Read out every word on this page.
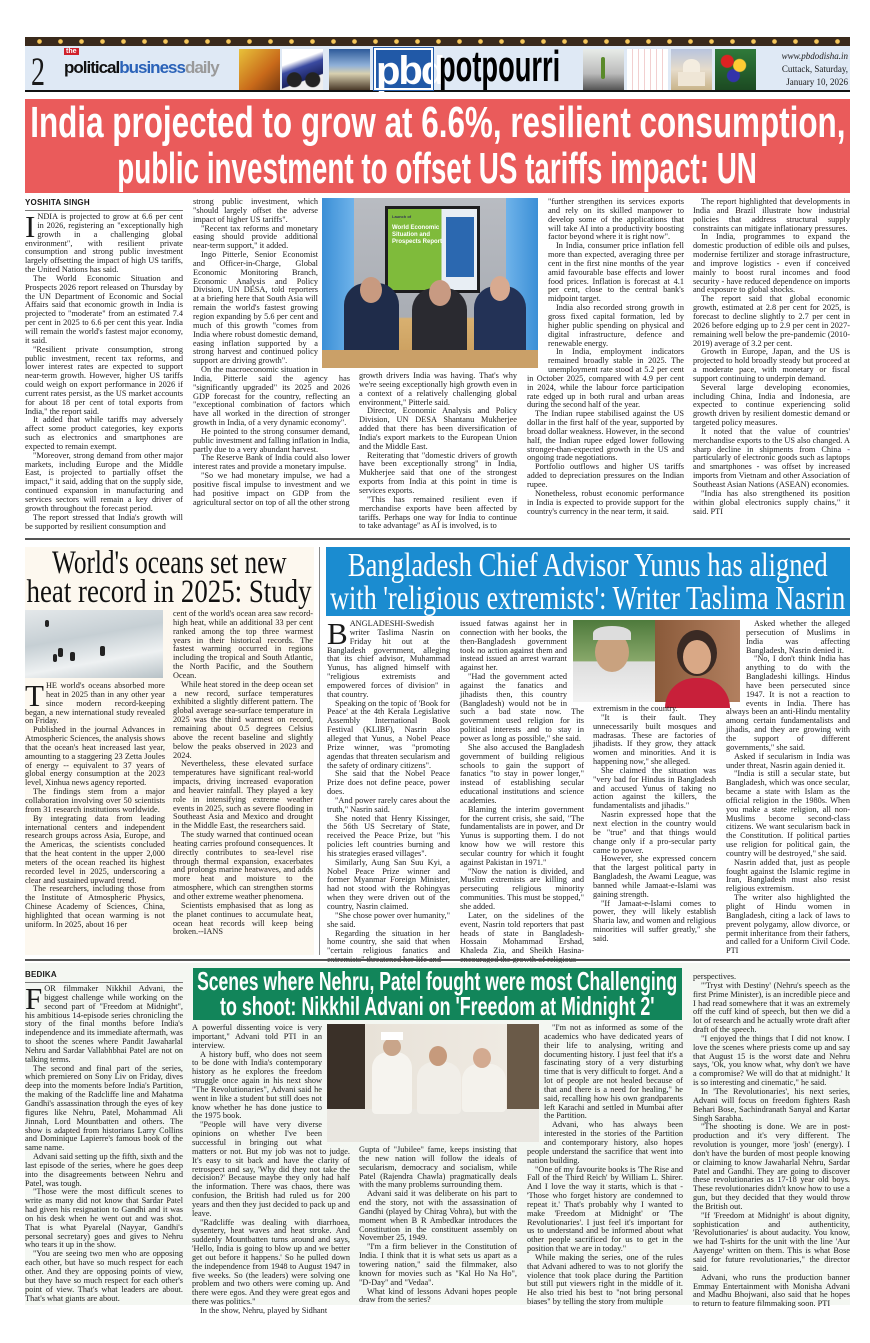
2	the
politicalbusinessdaily	pbd
potpourri	www.pbdodisha.in
Cuttack, Saturday,
January 10, 2026
India projected to grow at 6.6%, resilient consumption,
public investment to offset US tariffs impact: UN
YOSHITA SINGH

INDIA is projected to grow at 6.6 per cent in 2026, registering an "exceptionally high growth in a challenging global environment", with resilient private consumption and strong public investment largely offsetting the impact of high US tariffs, the United Nations has said.

The World Economic Situation and Prospects 2026 report released on Thursday by the UN Department of Economic and Social Affairs said that economic growth in India is projected to "moderate" from an estimated 7.4 per cent in 2025 to 6.6 per cent this year. India will remain the world's fastest major economy, it said.

"Resilient private consumption, strong public investment, recent tax reforms, and lower interest rates are expected to support near-term growth. However, higher US tariffs could weigh on export performance in 2026 if current rates persist, as the US market accounts for about 18 per cent of total exports from India," the report said.

It added that while tariffs may adversely affect some product categories, key exports such as electronics and smartphones are expected to remain exempt.

"Moreover, strong demand from other major markets, including Europe and the Middle East, is projected to partially offset the impact," it said, adding that on the supply side, continued expansion in manufacturing and services sectors will remain a key driver of growth throughout the forecast period.

The report stressed that India's growth will be supported by resilient consumption and

strong public investment, which "should largely offset the adverse impact of higher US tariffs".

"Recent tax reforms and monetary easing should provide additional near-term support," it added.

Ingo Pitterle, Senior Economist and Officer-in-Charge, Global Economic Monitoring Branch, Economic Analysis and Policy Division, UN DESA, told reporters at a briefing here that South Asia will remain the world's fastest growing region expanding by 5.6 per cent and much of this growth "comes from India where robust domestic demand, easing inflation supported by a strong harvest and continued policy support are driving growth".

On the macroeconomic situation in India, Pitterle said the agency has "significantly upgraded" its 2025 and 2026 GDP forecast for the country, reflecting an "exceptional combination of factors which have all worked in the direction of stronger growth in India, of a very dynamic economy".

He pointed to the strong consumer demand, public investment and falling inflation in India, partly due to a very abundant harvest.

The Reserve Bank of India could also lower interest rates and provide a monetary impulse.

"So we had monetary impulse, we had a positive fiscal impulse to investment and we had positive impact on GDP from the agricultural sector on top of all the other strong

Launch of
World Economic Situation and Prospects Report

growth drivers India was having. That's why we're seeing exceptionally high growth even in a context of a relatively challenging global environment," Pitterle said.

Director, Economic Analysis and Policy Division, UN DESA Shantanu Mukherjee added that there has been diversification of India's export markets to the European Union and the Middle East.

Reiterating that "domestic drivers of growth have been exceptionally strong" in India, Mukherjee said that one of the strongest exports from India at this point in time is services exports.

"This has remained resilient even if merchandise exports have been affected by tariffs. Perhaps one way for India to continue to take advantage" as AI is involved, is to

"further strengthen its services exports and rely on its skilled manpower to develop some of the applications that will take AI into a productivity boosting factor beyond where it is right now".

In India, consumer price inflation fell more than expected, averaging three per cent in the first nine months of the year amid favourable base effects and lower food prices. Inflation is forecast at 4.1 per cent, close to the central bank's midpoint target.

India also recorded strong growth in gross fixed capital formation, led by higher public spending on physical and digital infrastructure, defence and renewable energy.

In India, employment indicators remained broadly stable in 2025. The unemployment rate stood at 5.2 per cent in October 2025, compared with 4.9 per cent in 2024, while the labour force participation rate edged up in both rural and urban areas during the second half of the year.

The Indian rupee stabilised against the US dollar in the first half of the year, supported by broad dollar weakness. However, in the second half, the Indian rupee edged lower following stronger-than-expected growth in the US and ongoing trade negotiations.

Portfolio outflows and higher US tariffs added to depreciation pressures on the Indian rupee.

Nonetheless, robust economic performance in India is expected to provide support for the country's currency in the near term, it said.

The report highlighted that developments in India and Brazil illustrate how industrial policies that address structural supply constraints can mitigate inflationary pressures.

In India, programmes to expand the domestic production of edible oils and pulses, modernise fertilizer and storage infrastructure, and improve logistics - even if conceived mainly to boost rural incomes and food security - have reduced dependence on imports and exposure to global shocks.

The report said that global economic growth, estimated at 2.8 per cent for 2025, is forecast to decline slightly to 2.7 per cent in 2026 before edging up to 2.9 per cent in 2027- remaining well below the pre-pandemic (2010-2019) average of 3.2 per cent.

Growth in Europe, Japan, and the US is projected to hold broadly steady but proceed at a moderate pace, with monetary or fiscal support continuing to underpin demand.

Several large developing economies, including China, India and Indonesia, are expected to continue experiencing solid growth driven by resilient domestic demand or targeted policy measures.

It noted that the value of countries' merchandise exports to the US also changed. A sharp decline in shipments from China - particularly of electronic goods such as laptops and smartphones - was offset by increased imports from Vietnam and other Association of Southeast Asian Nations (ASEAN) economies.

"India has also strengthened its position within global electronics supply chains," it said. PTI

World's oceans set new
heat record in 2025: Study

THE world's oceans absorbed more heat in 2025 than in any other year since modern record-keeping began, a new international study revealed on Friday.

Published in the journal Advances in Atmospheric Sciences, the analysis shows that the ocean's heat increased last year, amounting to a staggering 23 Zetta Joules of energy -- equivalent to 37 years of global energy consumption at the 2023 level, Xinhua news agency reported.

The findings stem from a major collaboration involving over 50 scientists from 31 research institutions worldwide.

By integrating data from leading international centers and independent research groups across Asia, Europe, and the Americas, the scientists concluded that the heat content in the upper 2,000 meters of the ocean reached its highest recorded level in 2025, underscoring a clear and sustained upward trend.

The researchers, including those from the Institute of Atmospheric Physics, Chinese Academy of Sciences, China, highlighted that ocean warming is not uniform. In 2025, about 16 per

cent of the world's ocean area saw record-high heat, while an additional 33 per cent ranked among the top three warmest years in their historical records. The fastest warming occurred in regions including the tropical and South Atlantic, the North Pacific, and the Southern Ocean.

While heat stored in the deep ocean set a new record, surface temperatures exhibited a slightly different pattern. The global average sea-surface temperature in 2025 was the third warmest on record, remaining about 0.5 degrees Celsius above the recent baseline and slightly below the peaks observed in 2023 and 2024.

Nevertheless, these elevated surface temperatures have significant real-world impacts, driving increased evaporation and heavier rainfall. They played a key role in intensifying extreme weather events in 2025, such as severe flooding in Southeast Asia and Mexico and drought in the Middle East, the researchers said.

The study warned that continued ocean heating carries profound consequences. It directly contributes to sea-level rise through thermal expansion, exacerbates and prolongs marine heatwaves, and adds more heat and moisture to the atmosphere, which can strengthen storms and other extreme weather phenomena.

Scientists emphasised that as long as the planet continues to accumulate heat, ocean heat records will keep being broken.--IANS

Bangladesh Chief Advisor Yunus has aligned
with 'religious extremists': Writer Taslima Nasrin

BANGLADESHI-Swedish writer Taslima Nasrin on Friday hit out at the Bangladesh government, alleging that its chief advisor, Muhammad Yunus, has aligned himself with "religious extremists and empowered forces of division" in that country.

Speaking on the topic of 'Book for Peace' at the 4th Kerala Legislative Assembly International Book Festival (KLIBF), Nasrin also alleged that Yunus, a Nobel Peace Prize winner, was "promoting agendas that threaten secularism and the safety of ordinary citizens".

She said that the Nobel Peace Prize does not define peace, power does.

"And power rarely cares about the truth," Nasrin said.

She noted that Henry Kissinger, the 56th US Secretary of State, received the Peace Prize, but "his policies left countries burning and his strategies erased villages".

Similarly, Aung San Suu Kyi, a Nobel Peace Prize winner and former Myanmar Foreign Minister, had not stood with the Rohingyas when they were driven out of the country, Nasrin claimed.

"She chose power over humanity," she said.

Regarding the situation in her home country, she said that when "certain religious fanatics and

issued fatwas against her in connection with her books, the then-Bangladesh government took no action against them and instead issued an arrest warrant against her.

"Had the government acted against the fanatics and jihadists then, this country (Bangladesh) would not be in such a bad state now. The government used religion for its political interests and to stay in power as long as possible," she said.

She also accused the Bangladesh government of building religious schools to gain the support of fanatics "to stay in power longer," instead of establishing secular educational institutions and science academies.

Blaming the interim government for the current crisis, she said, "The fundamentalists are in power, and Dr Yunus is supporting them. I do not know how we will restore this secular country for which it fought against Pakistan in 1971."

"Now the nation is divided, and Muslim extremists are killing and persecuting religious minority communities. This must be stopped," she added.

Later, on the sidelines of the event, Nasrin told reporters that past heads of state in Bangladesh- Hossain Mohammad Ershad, Khaleda Zia, and Sheikh Hasina-

extremism in the country.

"It is their fault. They unnecessarily built mosques and madrasas. These are factories of jihadists. If they grow, they attack women and minorities. And it is happening now," she alleged.

She claimed the situation was "very bad for Hindus in Bangladesh and accused Yunus of taking no action against the killers, the fundamentalists and jihadis."

Nasrin expressed hope that the next election in the country would be "true" and that things would change only if a pro-secular party came to power.

However, she expressed concern that the largest political party in Bangladesh, the Awami League, was banned while Jamaat-e-Islami was gaining strength.

"If Jamaat-e-Islami comes to power, they will likely establish Sharia law, and women and religious minorities will suffer greatly," she said.

Asked whether the alleged persecution of Muslims in India was affecting Bangladesh, Nasrin denied it.

"No, I don't think India has anything to do with the Bangladeshi killings. Hindus have been persecuted since 1947. It is not a reaction to events in India. There has always been an anti-Hindu mentality among certain fundamentalists and jihadis, and they are growing with the support of different governments," she said.

Asked if secularism in India was under threat, Nasrin again denied it.

"India is still a secular state, but Bangladesh, which was once secular, became a state with Islam as the official religion in the 1980s. When you make a state religion, all non-Muslims become second-class citizens. We want secularism back in the Constitution. If political parties use religion for political gain, the country will be destroyed," she said.

Nasrin added that, just as people fought against the Islamic regime in Iran, Bangladesh must also resist religious extremism.

The writer also highlighted the plight of Hindu women in Bangladesh, citing a lack of laws to prevent polygamy, allow divorce, or permit inheritance from their fathers, and called for a Uniform Civil Code. PTI

BEDIKA	Scenes where Nehru, Patel fought were most Challenging
to shoot: Nikkhil Advani on 'Freedom at Midnight 2'

FOR filmmaker Nikkhil Advani, the biggest challenge while working on the second part of "Freedom at Midnight", his ambitious 14-episode series chronicling the story of the final months before India's independence and its immediate aftermath, was to shoot the scenes where Pandit Jawaharlal Nehru and Sardar Vallabhbhai Patel are not on talking terms.

The second and final part of the series, which premiered on Sony Liv on Friday, dives deep into the moments before India's Partition, the making of the Radcliffe line and Mahatma Gandhi's assassination through the eyes of key figures like Nehru, Patel, Mohammad Ali Jinnah, Lord Mountbatten and others. The show is adapted from historians Larry Collins and Dominique Lapierre's famous book of the same name.

Advani said setting up the fifth, sixth and the last episode of the series, where he goes deep into the disagreements between Nehru and Patel, was tough.

"Those were the most difficult scenes to write as many did not know that Sardar Patel had given his resignation to Gandhi and it was on his desk when he went out and was shot. That is what Pyarelal (Nayyar, Gandhi's personal secretary) goes and gives to Nehru who tears it up in the show.

"You are seeing two men who are opposing each other, but have so much respect for each other. And they are opposing points of view, but they have so much respect for each other's point of view. That's what leaders are about. That's what giants are about.

A powerful dissenting voice is very important," Advani told PTI in an interview.

A history buff, who does not seem to be done with India's contemporary history as he explores the freedom struggle once again in his next show "The Revolutionaries", Advani said he went in like a student but still does not know whether he has done justice to the 1975 book.

"People will have very diverse opinions on whether I've been successful in bringing out what matters or not. But my job was not to judge. It's easy to sit back and have the clarity of retrospect and say, 'Why did they not take the decision?' Because maybe they only had half the information. There was chaos, there was confusion, the British had ruled us for 200 years and then they just decided to pack up and leave.

"Radcliffe was dealing with diarrhoea, dysentery, heat waves and heat stroke. And suddenly Mountbatten turns around and says, 'Hello, India is going to blow up and we better get out before it happens.' So he pulled down the independence from 1948 to August 1947 in five weeks. So (the leaders) were solving one problem and two others were coming up. And there were egos. And they were great egos and there was politics."

In the show, Nehru, played by Sidhant

Gupta of "Jubilee" fame, keeps insisting that the new nation will follow the ideals of secularism, democracy and socialism, while Patel (Rajendra Chawla) pragmatically deals with the many problems surrounding them.

Advani said it was deliberate on his part to end the story, not with the assassination of Gandhi (played by Chirag Vohra), but with the moment when B R Ambedkar introduces the Constitution in the constituent assembly on November 25, 1949.

"I'm a firm believer in the Constitution of India. I think that it is what sets us apart as a towering nation," said the filmmaker, also known for movies such as "Kal Ho Na Ho", "D-Day" and "Vedaa".

What kind of lessons Advani hopes people draw from the series?

"I'm not as informed as some of the academics who have dedicated years of their life to analysing, writing and documenting history. I just feel that it's a fascinating story of a very disturbing time that is very difficult to forget. And a lot of people are not healed because of that and there is a need for healing," he said, recalling how his own grandparents left Karachi and settled in Mumbai after the Partition.

Advani, who has always been interested in the stories of the Partition and contemporary history, also hopes people understand the sacrifice that went into nation building.

"One of my favourite books is 'The Rise and Fall of the Third Reich' by William L. Shirer. And I love the way it starts, which is that - 'Those who forget history are condemned to repeat it.' That's probably why I wanted to make 'Freedom at Midnight' or 'The Revolutionaries'. I just feel it's important for us to understand and be informed about what other people sacrificed for us to get in the position that we are in today."

While making the series, one of the rules that Advani adhered to was to not glorify the violence that took place during the Partition but still put viewers right in the middle of it. He also tried his best to "not bring personal biases" by telling the story from multiple

perspectives.

"'Tryst with Destiny' (Nehru's speech as the first Prime Minister), is an incredible piece and I had read somewhere that it was an extremely off the cuff kind of speech, but then we did a lot of research and he actually wrote draft after draft of the speech.

"I enjoyed the things that I did not know. I love the scenes where priests come up and say that August 15 is the worst date and Nehru says, 'Ok, you know what, why don't we have a compromise? We will do that at midnight.' It is so interesting and cinematic," he said.

In 'The Revolutionaries', his next series, Advani will focus on freedom fighters Rash Behari Bose, Sachindranath Sanyal and Kartar Singh Sarabha.

"The shooting is done. We are in post-production and it's very different. The revolution is younger, more 'josh' (energy). I don't have the burden of most people knowing or claiming to know Jawaharlal Nehru, Sardar Patel and Gandhi. They are going to discover these revolutionaries as 17-18 year old boys. These revolutionaries didn't know how to use a gun, but they decided that they would throw the British out.

"If 'Freedom at Midnight' is about dignity, sophistication and authenticity, 'Revolutionaries' is about audacity. You know, we had T-shirts for the unit with the line 'Aur Aayenge' written on them. This is what Bose said for future revolutionaries," the director said.

Advani, who runs the production banner Emmay Entertainment with Monisha Advani and Madhu Bhojwani, also said that he hopes to return to feature filmmaking soon. PTI
